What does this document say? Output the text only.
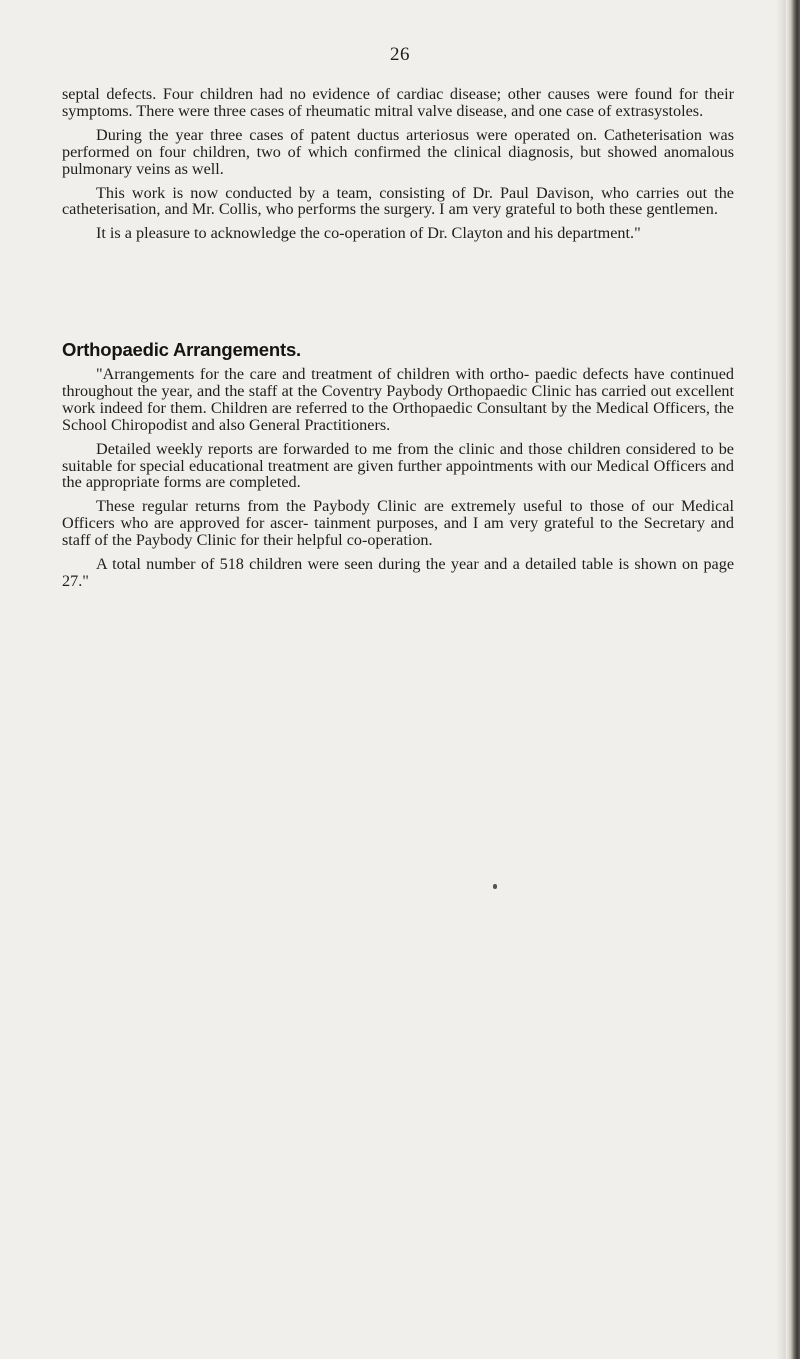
26

septal defects. Four children had no evidence of cardiac disease; other causes were found for their symptoms. There were three cases of rheumatic mitral valve disease, and one case of extrasystoles.

During the year three cases of patent ductus arteriosus were operated on. Catheterisation was performed on four children, two of which confirmed the clinical diagnosis, but showed anomalous pulmonary veins as well.

This work is now conducted by a team, consisting of Dr. Paul Davison, who carries out the catheterisation, and Mr. Collis, who performs the surgery. I am very grateful to both these gentlemen.

It is a pleasure to acknowledge the co-operation of Dr. Clayton and his department."

Orthopaedic Arrangements.

"Arrangements for the care and treatment of children with ortho- paedic defects have continued throughout the year, and the staff at the Coventry Paybody Orthopaedic Clinic has carried out excellent work indeed for them. Children are referred to the Orthopaedic Consultant by the Medical Officers, the School Chiropodist and also General Practitioners.

Detailed weekly reports are forwarded to me from the clinic and those children considered to be suitable for special educational treatment are given further appointments with our Medical Officers and the appropriate forms are completed.

These regular returns from the Paybody Clinic are extremely useful to those of our Medical Officers who are approved for ascer- tainment purposes, and I am very grateful to the Secretary and staff of the Paybody Clinic for their helpful co-operation.

A total number of 518 children were seen during the year and a detailed table is shown on page 27."
